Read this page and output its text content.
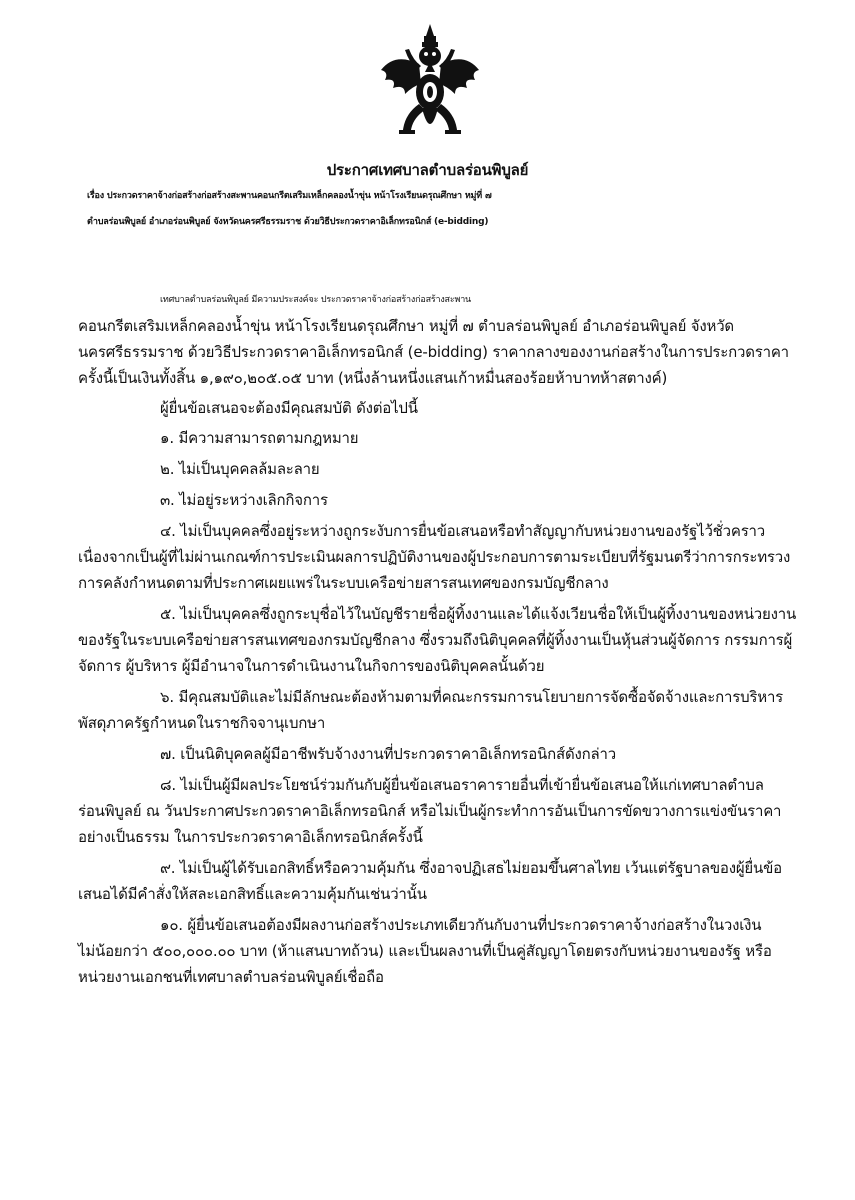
ประกาศเทศบาลตำบลร่อนพิบูลย์
เรื่อง ประกวดราคาจ้างก่อสร้างก่อสร้างสะพานคอนกรีตเสริมเหล็กคลองน้ำขุ่น หน้าโรงเรียนดรุณศึกษา หมู่ที่ ๗
ตำบลร่อนพิบูลย์ อำเภอร่อนพิบูลย์ จังหวัดนครศรีธรรมราช ด้วยวิธีประกวดราคาอิเล็กทรอนิกส์ (e-bidding)
เทศบาลตำบลร่อนพิบูลย์ มีความประสงค์จะ ประกวดราคาจ้างก่อสร้างก่อสร้างสะพาน
คอนกรีตเสริมเหล็กคลองน้ำขุ่น หน้าโรงเรียนดรุณศึกษา หมู่ที่ ๗ ตำบลร่อนพิบูลย์ อำเภอร่อนพิบูลย์ จังหวัด
นครศรีธรรมราช ด้วยวิธีประกวดราคาอิเล็กทรอนิกส์ (e-bidding) ราคากลางของงานก่อสร้างในการประกวดราคา
ครั้งนี้เป็นเงินทั้งสิ้น ๑,๑๙๐,๒๐๕.๐๕ บาท (หนึ่งล้านหนึ่งแสนเก้าหมื่นสองร้อยห้าบาทห้าสตางค์)
ผู้ยื่นข้อเสนอจะต้องมีคุณสมบัติ ดังต่อไปนี้
๑. มีความสามารถตามกฎหมาย
๒. ไม่เป็นบุคคลล้มละลาย
๓. ไม่อยู่ระหว่างเลิกกิจการ
๔. ไม่เป็นบุคคลซึ่งอยู่ระหว่างถูกระงับการยื่นข้อเสนอหรือทำสัญญากับหน่วยงานของรัฐไว้ชั่วคราว
เนื่องจากเป็นผู้ที่ไม่ผ่านเกณฑ์การประเมินผลการปฏิบัติงานของผู้ประกอบการตามระเบียบที่รัฐมนตรีว่าการกระทรวง
การคลังกำหนดตามที่ประกาศเผยแพร่ในระบบเครือข่ายสารสนเทศของกรมบัญชีกลาง
๕. ไม่เป็นบุคคลซึ่งถูกระบุชื่อไว้ในบัญชีรายชื่อผู้ทิ้งงานและได้แจ้งเวียนชื่อให้เป็นผู้ทิ้งงานของหน่วยงาน
ของรัฐในระบบเครือข่ายสารสนเทศของกรมบัญชีกลาง ซึ่งรวมถึงนิติบุคคลที่ผู้ทิ้งงานเป็นหุ้นส่วนผู้จัดการ กรรมการผู้
จัดการ ผู้บริหาร ผู้มีอำนาจในการดำเนินงานในกิจการของนิติบุคคลนั้นด้วย
๖. มีคุณสมบัติและไม่มีลักษณะต้องห้ามตามที่คณะกรรมการนโยบายการจัดซื้อจัดจ้างและการบริหาร
พัสดุภาครัฐกำหนดในราชกิจจานุเบกษา
๗. เป็นนิติบุคคลผู้มีอาชีพรับจ้างงานที่ประกวดราคาอิเล็กทรอนิกส์ดังกล่าว
๘. ไม่เป็นผู้มีผลประโยชน์ร่วมกันกับผู้ยื่นข้อเสนอราคารายอื่นที่เข้ายื่นข้อเสนอให้แก่เทศบาลตำบล
ร่อนพิบูลย์ ณ วันประกาศประกวดราคาอิเล็กทรอนิกส์ หรือไม่เป็นผู้กระทำการอันเป็นการขัดขวางการแข่งขันราคา
อย่างเป็นธรรม ในการประกวดราคาอิเล็กทรอนิกส์ครั้งนี้
๙. ไม่เป็นผู้ได้รับเอกสิทธิ์หรือความคุ้มกัน ซึ่งอาจปฏิเสธไม่ยอมขึ้นศาลไทย เว้นแต่รัฐบาลของผู้ยื่นข้อ
เสนอได้มีคำสั่งให้สละเอกสิทธิ์และความคุ้มกันเช่นว่านั้น
๑๐. ผู้ยื่นข้อเสนอต้องมีผลงานก่อสร้างประเภทเดียวกันกับงานที่ประกวดราคาจ้างก่อสร้างในวงเงิน
ไม่น้อยกว่า ๕๐๐,๐๐๐.๐๐ บาท (ห้าแสนบาทถ้วน) และเป็นผลงานที่เป็นคู่สัญญาโดยตรงกับหน่วยงานของรัฐ หรือ
หน่วยงานเอกชนที่เทศบาลตำบลร่อนพิบูลย์เชื่อถือ
